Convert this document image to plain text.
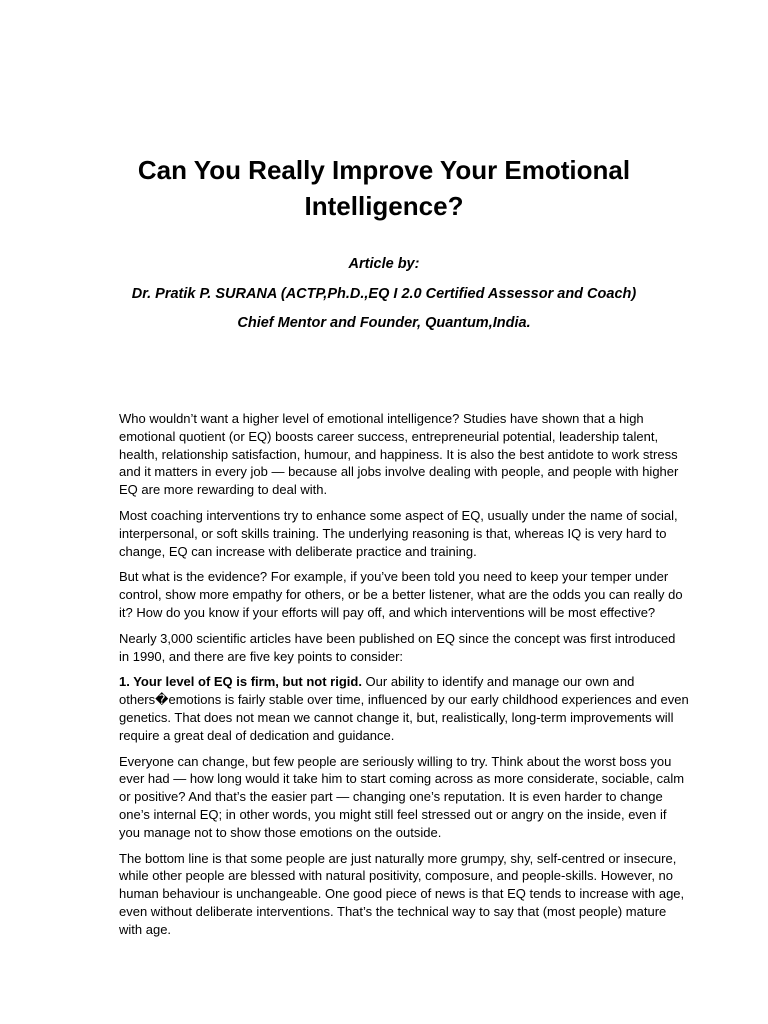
Can You Really Improve Your Emotional Intelligence?

Article by:

Dr. Pratik P. SURANA (ACTP,Ph.D.,EQ I 2.0 Certified Assessor and Coach)

Chief Mentor and Founder, Quantum,India.

Who wouldn’t want a higher level of emotional intelligence? Studies have shown that a high emotional quotient (or EQ) boosts career success, entrepreneurial potential, leadership talent, health, relationship satisfaction, humour, and happiness. It is also the best antidote to work stress and it matters in every job — because all jobs involve dealing with people, and people with higher EQ are more rewarding to deal with.

Most coaching interventions try to enhance some aspect of EQ, usually under the name of social, interpersonal, or soft skills training. The underlying reasoning is that, whereas IQ is very hard to change, EQ can increase with deliberate practice and training.

But what is the evidence? For example, if you’ve been told you need to keep your temper under control, show more empathy for others, or be a better listener, what are the odds you can really do it? How do you know if your efforts will pay off, and which interventions will be most effective?

Nearly 3,000 scientific articles have been published on EQ since the concept was first introduced in 1990, and there are five key points to consider:

1. Your level of EQ is firm, but not rigid. Our ability to identify and manage our own and others�emotions is fairly stable over time, influenced by our early childhood experiences and even genetics. That does not mean we cannot change it, but, realistically, long-term improvements will require a great deal of dedication and guidance.

Everyone can change, but few people are seriously willing to try. Think about the worst boss you ever had — how long would it take him to start coming across as more considerate, sociable, calm or positive? And that’s the easier part — changing one’s reputation. It is even harder to change one’s internal EQ; in other words, you might still feel stressed out or angry on the inside, even if you manage not to show those emotions on the outside.

The bottom line is that some people are just naturally more grumpy, shy, self-centred or insecure, while other people are blessed with natural positivity, composure, and people-skills. However, no human behaviour is unchangeable. One good piece of news is that EQ tends to increase with age, even without deliberate interventions. That’s the technical way to say that (most people) mature with age.
